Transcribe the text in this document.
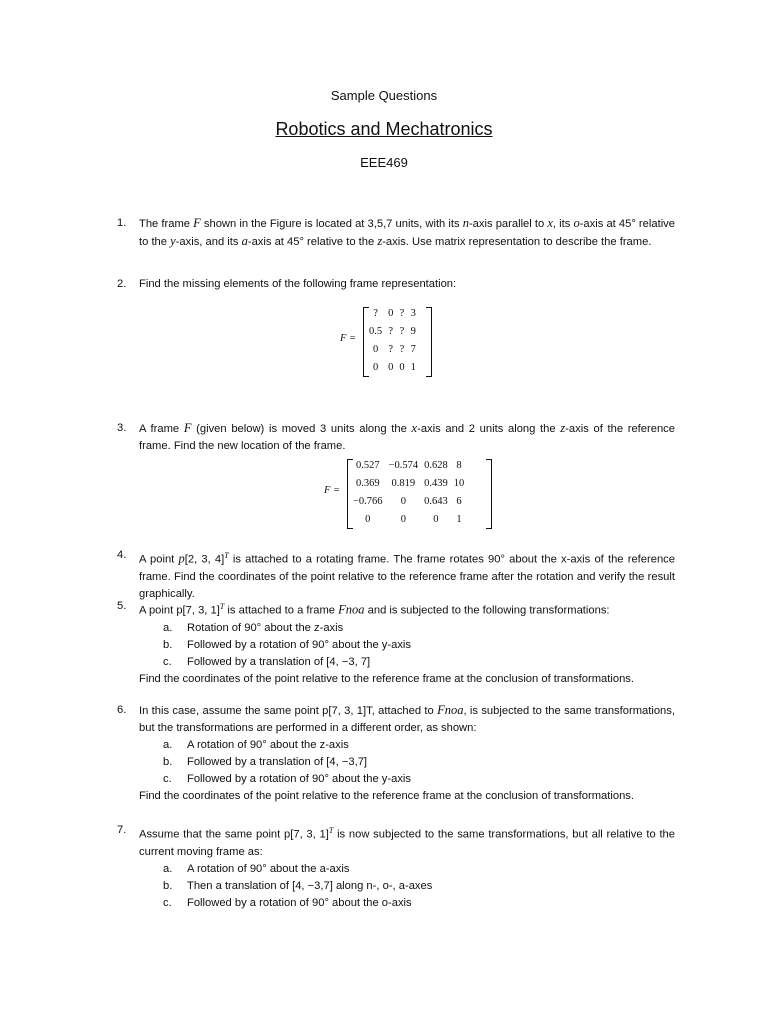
Sample Questions
Robotics and Mechatronics
EEE469
1. The frame F shown in the Figure is located at 3,5,7 units, with its n-axis parallel to x, its o-axis at 45° relative to the y-axis, and its a-axis at 45° relative to the z-axis. Use matrix representation to describe the frame.
2. Find the missing elements of the following frame representation:
F =
?	0	?	3
0.5	?	?	9
0	?	?	7
0	0	0	1
3. A frame F (given below) is moved 3 units along the x-axis and 2 units along the z-axis of the reference frame. Find the new location of the frame.
F =
0.527	−0.574	0.628	8
0.369	0.819	0.439	10
−0.766	0	0.643	6
0	0	0	1
4. A point p[2, 3, 4]$^T$ is attached to a rotating frame. The frame rotates 90° about the x-axis of the reference frame. Find the coordinates of the point relative to the reference frame after the rotation and verify the result graphically.
5. A point p[7, 3, 1]$^T$ is attached to a frame Fnoa and is subjected to the following transformations:
a. Rotation of 90° about the z-axis
b. Followed by a rotation of 90° about the y-axis
c. Followed by a translation of [4, −3, 7]
Find the coordinates of the point relative to the reference frame at the conclusion of transformations.
6. In this case, assume the same point p[7, 3, 1]T, attached to Fnoa, is subjected to the same transformations, but the transformations are performed in a different order, as shown:
a. A rotation of 90° about the z-axis
b. Followed by a translation of [4, −3,7]
c. Followed by a rotation of 90° about the y-axis
Find the coordinates of the point relative to the reference frame at the conclusion of transformations.
7. Assume that the same point p[7, 3, 1]$^T$ is now subjected to the same transformations, but all relative to the current moving frame as:
a. A rotation of 90° about the a-axis
b. Then a translation of [4, −3,7] along n-, o-, a-axes
c. Followed by a rotation of 90° about the o-axis
